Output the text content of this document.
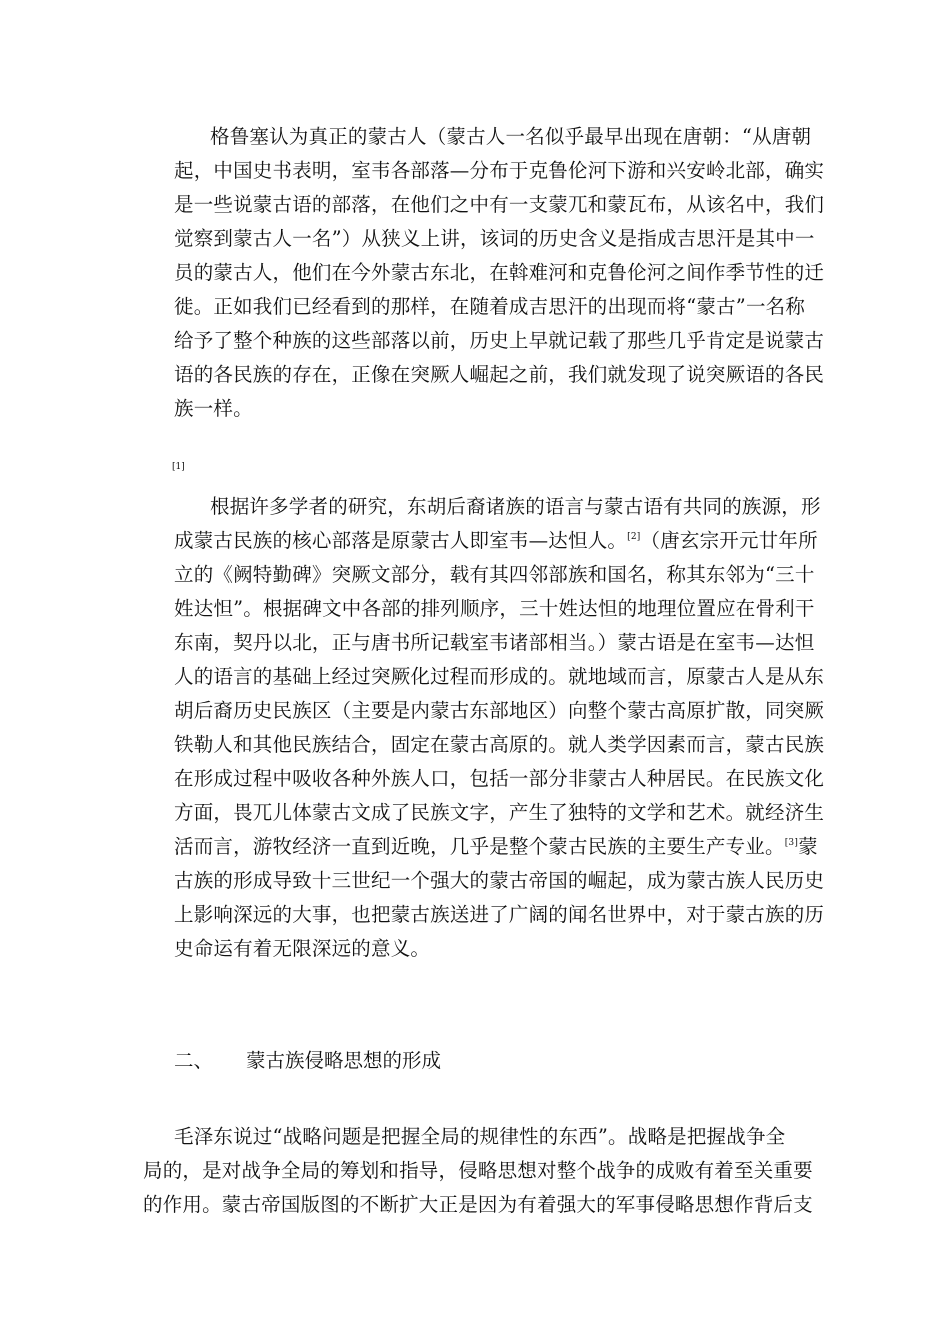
格鲁塞认为真正的蒙古人（蒙古人一名似乎最早出现在唐朝：“从唐朝
起，中国史书表明，室韦各部落—分布于克鲁伦河下游和兴安岭北部，确实
是一些说蒙古语的部落，在他们之中有一支蒙兀和蒙瓦布，从该名中，我们
觉察到蒙古人一名”）从狭义上讲，该词的历史含义是指成吉思汗是其中一
员的蒙古人，他们在今外蒙古东北，在斡难河和克鲁伦河之间作季节性的迁
徙。正如我们已经看到的那样，在随着成吉思汗的出现而将“蒙古”一名称
给予了整个种族的这些部落以前，历史上早就记载了那些几乎肯定是说蒙古
语的各民族的存在，正像在突厥人崛起之前，我们就发现了说突厥语的各民
族一样。
[1]
根据许多学者的研究，东胡后裔诸族的语言与蒙古语有共同的族源，形
成蒙古民族的核心部落是原蒙古人即室韦—达怛人。[2]（唐玄宗开元廿年所
立的《阙特勤碑》突厥文部分，载有其四邻部族和国名，称其东邻为“三十
姓达怛”。根据碑文中各部的排列顺序，三十姓达怛的地理位置应在骨利干
东南，契丹以北，正与唐书所记载室韦诸部相当。）蒙古语是在室韦—达怛
人的语言的基础上经过突厥化过程而形成的。就地域而言，原蒙古人是从东
胡后裔历史民族区（主要是内蒙古东部地区）向整个蒙古高原扩散，同突厥
铁勒人和其他民族结合，固定在蒙古高原的。就人类学因素而言，蒙古民族
在形成过程中吸收各种外族人口，包括一部分非蒙古人种居民。在民族文化
方面，畏兀儿体蒙古文成了民族文字，产生了独特的文学和艺术。就经济生
活而言，游牧经济一直到近晚，几乎是整个蒙古民族的主要生产专业。[3]蒙
古族的形成导致十三世纪一个强大的蒙古帝国的崛起，成为蒙古族人民历史
上影响深远的大事，也把蒙古族送进了广阔的闻名世界中，对于蒙古族的历
史命运有着无限深远的意义。
二、 蒙古族侵略思想的形成
毛泽东说过“战略问题是把握全局的规律性的东西”。战略是把握战争全
局的，是对战争全局的筹划和指导，侵略思想对整个战争的成败有着至关重要
的作用。蒙古帝国版图的不断扩大正是因为有着强大的军事侵略思想作背后支
